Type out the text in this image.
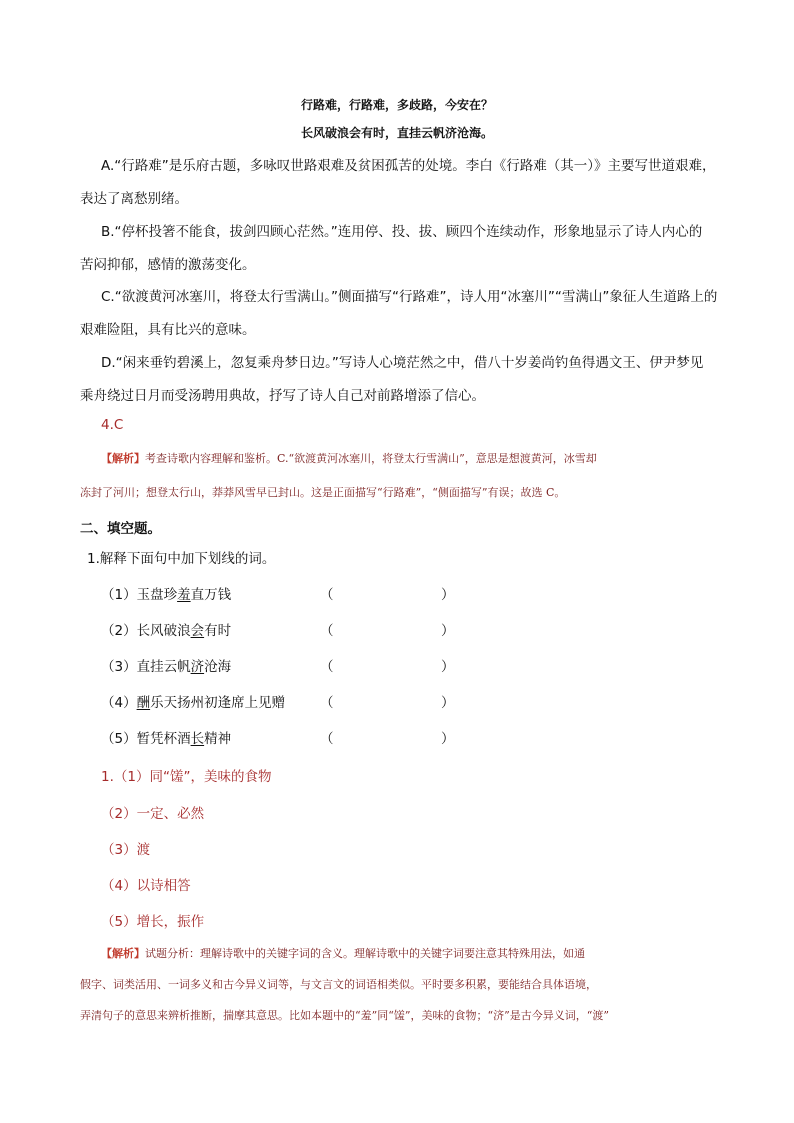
行路难，行路难，多歧路，今安在？
长风破浪会有时，直挂云帆济沧海。
A.“行路难”是乐府古题，多咏叹世路艰难及贫困孤苦的处境。李白《行路难（其一）》主要写世道艰难，
表达了离愁别绪。
B.“停杯投箸不能食，拔剑四顾心茫然。”连用停、投、拔、顾四个连续动作，形象地显示了诗人内心的
苦闷抑郁，感情的激荡变化。
C.“欲渡黄河冰塞川，将登太行雪满山。”侧面描写“行路难”，诗人用“冰塞川”“雪满山”象征人生道路上的
艰难险阻，具有比兴的意味。
D.“闲来垂钓碧溪上，忽复乘舟梦日边。”写诗人心境茫然之中，借八十岁姜尚钓鱼得遇文王、伊尹梦见
乘舟绕过日月而受汤聘用典故，抒写了诗人自己对前路增添了信心。
4.C
【解析】考查诗歌内容理解和鉴析。C.“欲渡黄河冰塞川，将登太行雪满山”，意思是想渡黄河，冰雪却
冻封了河川；想登太行山，莽莽风雪早已封山。这是正面描写“行路难”，“侧面描写”有误；故选 C。
二、填空题。
1.解释下面句中加下划线的词。
（1）玉盘珍羞直万钱	（	）
（2）长风破浪会有时	（	）
（3）直挂云帆济沧海	（	）
（4）酬乐天扬州初逢席上见赠	（	）
（5）暂凭杯酒长精神	（	）
1.（1）同“馐”，美味的食物
（2）一定、必然
（3）渡
（4）以诗相答
（5）增长，振作
【解析】试题分析：理解诗歌中的关键字词的含义。理解诗歌中的关键字词要注意其特殊用法，如通
假字、词类活用、一词多义和古今异义词等，与文言文的词语相类似。平时要多积累，要能结合具体语境，
弄清句子的意思来辨析推断，揣摩其意思。比如本题中的“羞”同“馐”，美味的食物；“济”是古今异义词，“渡”
